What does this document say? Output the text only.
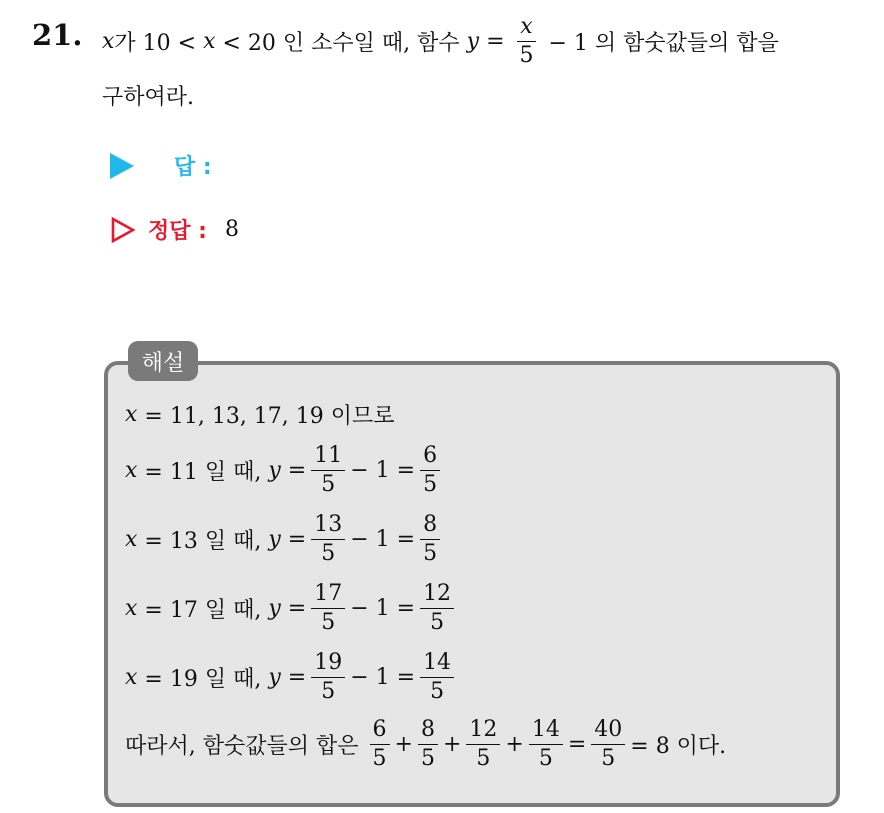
21. x 가 10 < x < 20 인 소수일 때, 함수 $y = \frac{x}{5} - 1$ 의 함숫값들의 합을
구하여라.
답 :
정답 : 8
해설
x = 11, 13, 17, 19 이므로
x = 11 일 때, $y = \frac{11}{5} - 1 = \frac{6}{5}$
x = 13 일 때, $y = \frac{13}{5} - 1 = \frac{8}{5}$
x = 17 일 때, $y = \frac{17}{5} - 1 = \frac{12}{5}$
x = 19 일 때, $y = \frac{19}{5} - 1 = \frac{14}{5}$
따라서, 함숫값들의 합은 $\frac{6}{5} + \frac{8}{5} + \frac{12}{5} + \frac{14}{5} = \frac{40}{5} = 8$ 이다.
